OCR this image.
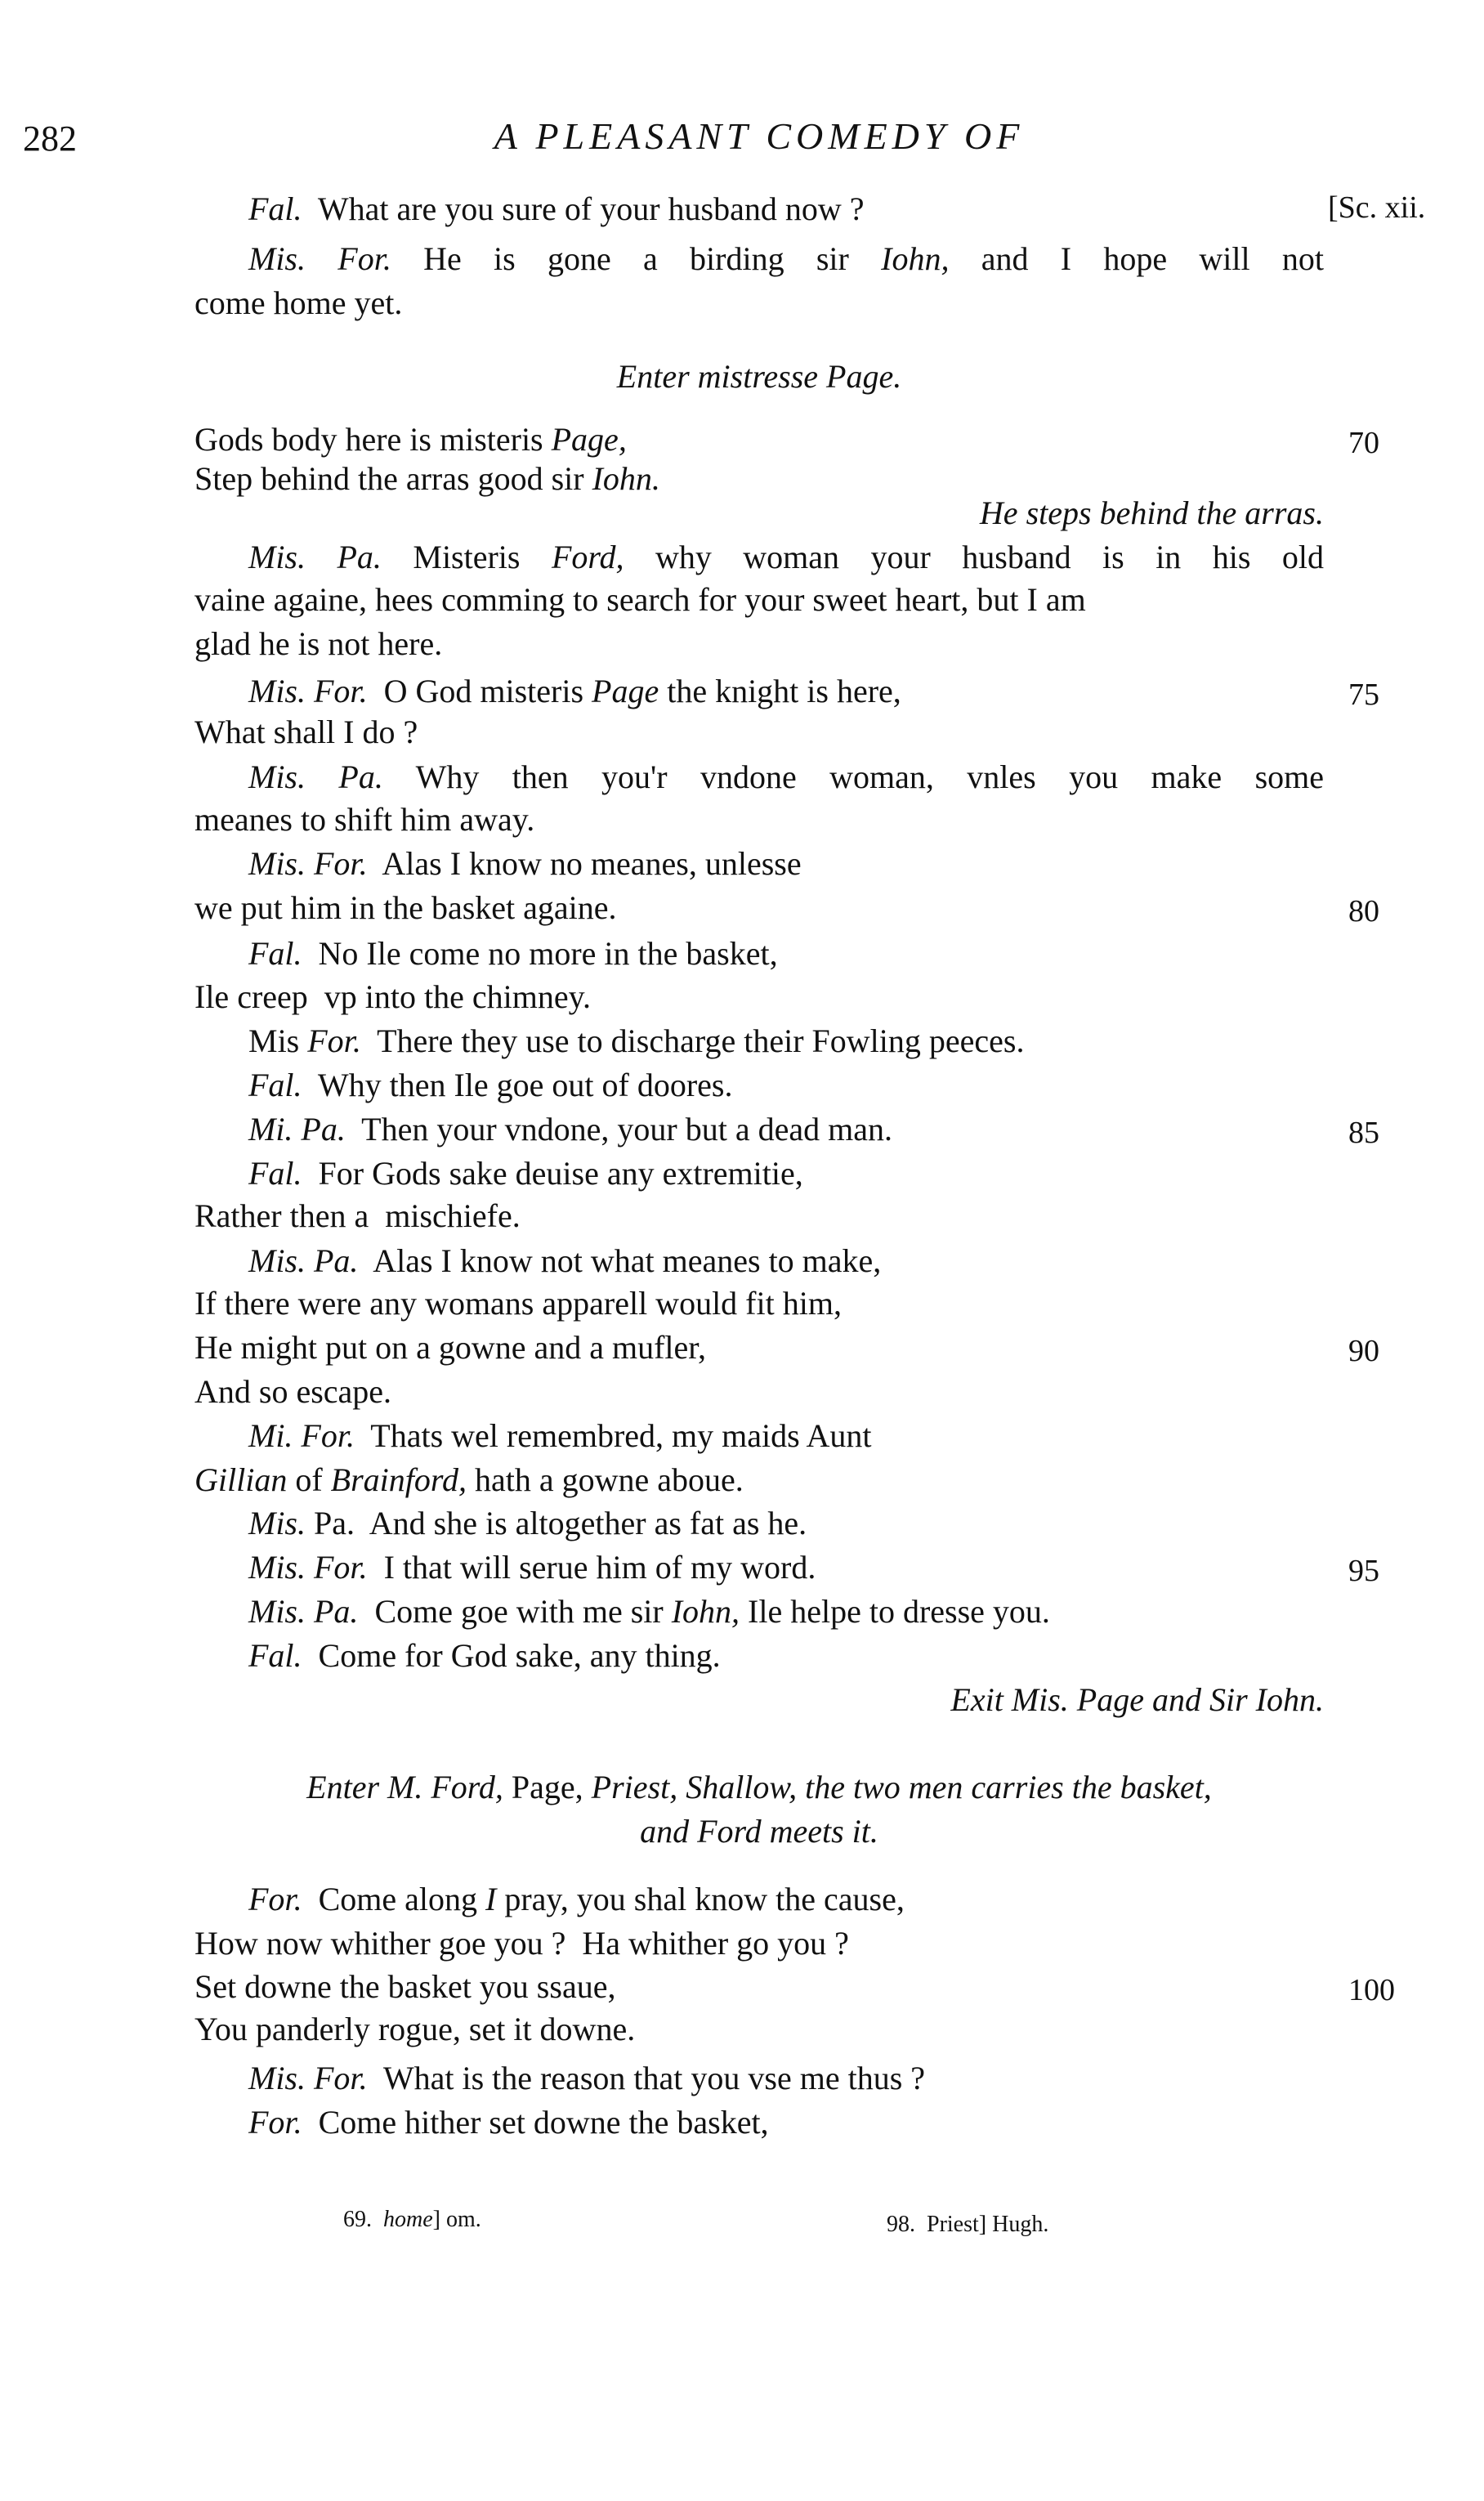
282	A PLEASANT COMEDY OF
[Sc. xii.
Fal.  What are you sure of your husband now ?
Mis. For. He is gone a birding sir Iohn, and I hope will not
come home yet.
Enter mistresse Page.
Gods body here is misteris Page,	70
Step behind the arras good sir Iohn.
He steps behind the arras.
Mis. Pa. Misteris Ford, why woman your husband is in his old
vaine againe, hees comming to search for your sweet heart, but I am
glad he is not here.
Mis. For.  O God misteris Page the knight is here,	75
What shall I do ?
Mis. Pa. Why then you'r vndone woman, vnles you make some
meanes to shift him away.
Mis. For.  Alas I know no meanes, unlesse
we put him in the basket againe.	80
Fal.  No Ile come no more in the basket,
Ile creep  vp into the chimney.
Mis For.  There they use to discharge their Fowling peeces.
Fal.  Why then Ile goe out of doores.
Mi. Pa.  Then your vndone, your but a dead man.	85
Fal.  For Gods sake deuise any extremitie,
Rather then a  mischiefe.
Mis. Pa.  Alas I know not what meanes to make,
If there were any womans apparell would fit him,
He might put on a gowne and a mufler,	90
And so escape.
Mi. For.  Thats wel remembred, my maids Aunt
Gillian of Brainford, hath a gowne aboue.
Mis. Pa.  And she is altogether as fat as he.
Mis. For.  I that will serue him of my word.	95
Mis. Pa.  Come goe with me sir Iohn, Ile helpe to dresse you.
Fal.  Come for God sake, any thing.
Exit Mis. Page and Sir Iohn.
Enter M. Ford, Page, Priest, Shallow, the two men carries the basket,
and Ford meets it.
For.  Come along I pray, you shal know the cause,
How now whither goe you ?  Ha whither go you ?
Set downe the basket you ssaue,	100
You panderly rogue, set it downe.
Mis. For.  What is the reason that you vse me thus ?
For.  Come hither set downe the basket,
69. home] om.	98. Priest] Hugh.
